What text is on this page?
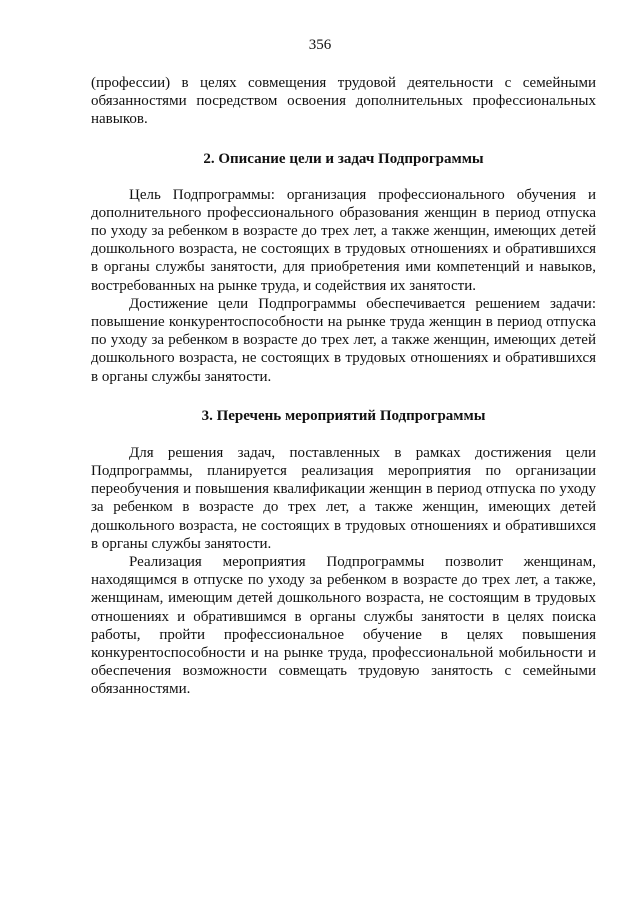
356

(профессии) в целях совмещения трудовой деятельности с семейными обязанностями посредством освоения дополнительных профессиональных навыков.

2. Описание цели и задач Подпрограммы

Цель Подпрограммы: организация профессионального обучения и дополнительного профессионального образования женщин в период отпуска по уходу за ребенком в возрасте до трех лет, а также женщин, имеющих детей дошкольного возраста, не состоящих в трудовых отношениях и обратившихся в органы службы занятости, для приобретения ими компетенций и навыков, востребованных на рынке труда, и содействия их занятости.

Достижение цели Подпрограммы обеспечивается решением задачи: повышение конкурентоспособности на рынке труда женщин в период отпуска по уходу за ребенком в возрасте до трех лет, а также женщин, имеющих детей дошкольного возраста, не состоящих в трудовых отношениях и обратившихся в органы службы занятости.

3. Перечень мероприятий Подпрограммы

Для решения задач, поставленных в рамках достижения цели Подпрограммы, планируется реализация мероприятия по организации переобучения и повышения квалификации женщин в период отпуска по уходу за ребенком в возрасте до трех лет, а также женщин, имеющих детей дошкольного возраста, не состоящих в трудовых отношениях и обратившихся в органы службы занятости.

Реализация мероприятия Подпрограммы позволит женщинам, находящимся в отпуске по уходу за ребенком в возрасте до трех лет, а также, женщинам, имеющим детей дошкольного возраста, не состоящим в трудовых отношениях и обратившимся в органы службы занятости в целях поиска работы, пройти профессиональное обучение в целях повышения конкурентоспособности и на рынке труда, профессиональной мобильности и обеспечения возможности совмещать трудовую занятость с семейными обязанностями.
